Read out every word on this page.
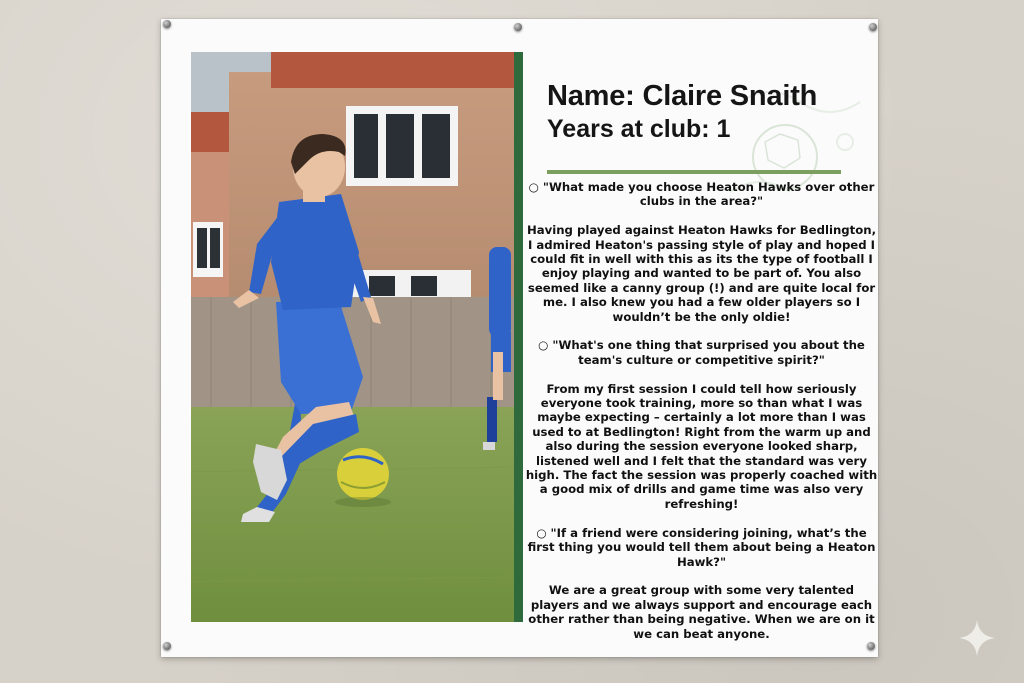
Name: Claire Snaith
Years at club: 1

○ "What made you choose Heaton Hawks over other clubs in the area?"

Having played against Heaton Hawks for Bedlington, I admired Heaton's passing style of play and hoped I could fit in well with this as its the type of football I enjoy playing and wanted to be part of. You also seemed like a canny group (!) and are quite local for me. I also knew you had a few older players so I wouldn’t be the only oldie!

○ "What's one thing that surprised you about the team's culture or competitive spirit?"

From my first session I could tell how seriously everyone took training, more so than what I was maybe expecting – certainly a lot more than I was used to at Bedlington! Right from the warm up and also during the session everyone looked sharp, listened well and I felt that the standard was very high. The fact the session was properly coached with a good mix of drills and game time was also very refreshing!

○ "If a friend were considering joining, what’s the first thing you would tell them about being a Heaton Hawk?"

We are a great group with some very talented players and we always support and encourage each other rather than being negative. When we are on it we can beat anyone.
